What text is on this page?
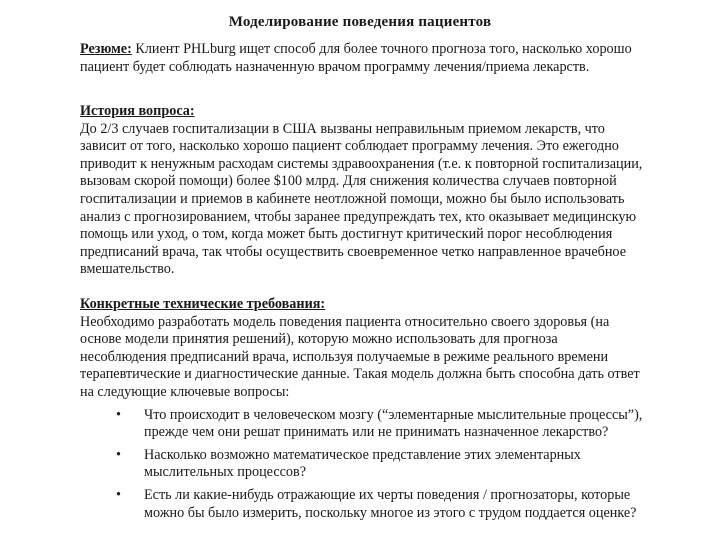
Моделирование поведения пациентов

Резюме: Клиент PHLburg ищет способ для более точного прогноза того, насколько хорошо пациент будет соблюдать назначенную врачом программу лечения/приема лекарств.

История вопроса:

До 2/3 случаев госпитализации в США вызваны неправильным приемом лекарств, что зависит от того, насколько хорошо пациент соблюдает программу лечения. Это ежегодно приводит к ненужным расходам системы здравоохранения (т.е. к повторной госпитализации, вызовам скорой помощи) более $100 млрд. Для снижения количества случаев повторной госпитализации и приемов в кабинете неотложной помощи, можно бы было использовать анализ с прогнозированием, чтобы заранее предупреждать тех, кто оказывает медицинскую помощь или уход, о том, когда может быть достигнут критический порог несоблюдения предписаний врача, так чтобы осуществить своевременное четко направленное врачебное вмешательство.

Конкретные технические требования:

Необходимо разработать модель поведения пациента относительно своего здоровья (на основе модели принятия решений), которую можно использовать для прогноза несоблюдения предписаний врача, используя получаемые в режиме реального времени терапевтические и диагностические данные. Такая модель должна быть способна дать ответ на следующие ключевые вопросы:

• Что происходит в человеческом мозгу (“элементарные мыслительные процессы”), прежде чем они решат принимать или не принимать назначенное лекарство?
• Насколько возможно математическое представление этих элементарных мыслительных процессов?
• Есть ли какие-нибудь отражающие их черты поведения / прогнозаторы, которые можно бы было измерить, поскольку многое из этого с трудом поддается оценке?
